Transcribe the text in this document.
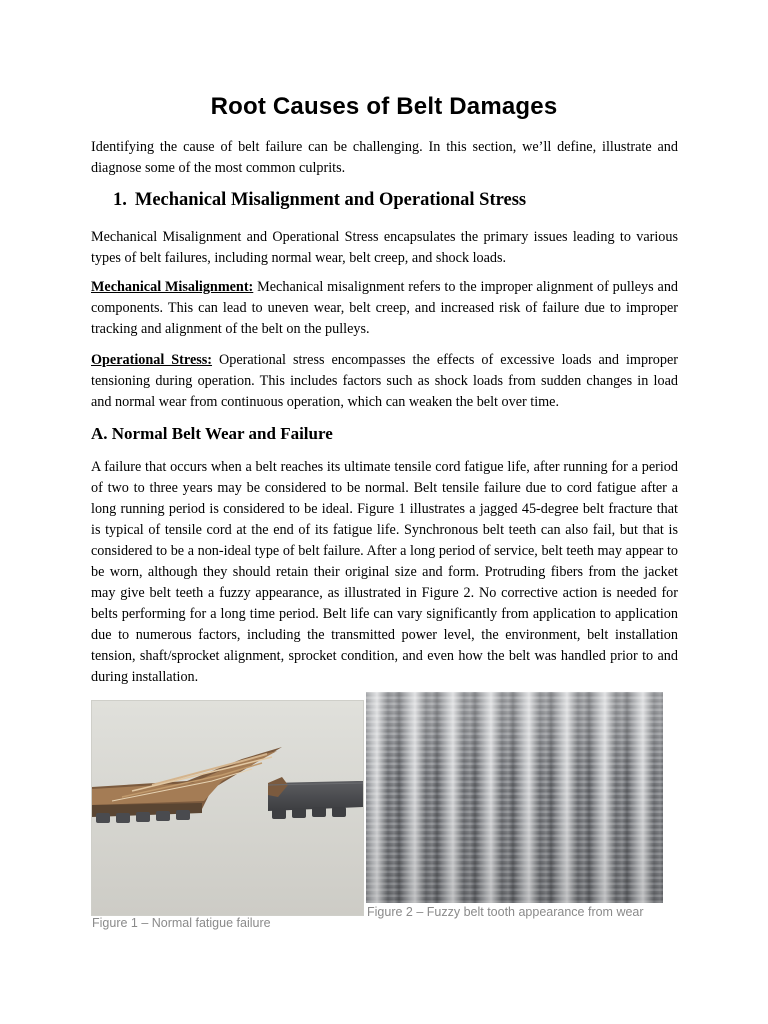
Root Causes of Belt Damages
Identifying the cause of belt failure can be challenging. In this section, we’ll define, illustrate and diagnose some of the most common culprits.
1. Mechanical Misalignment and Operational Stress
Mechanical Misalignment and Operational Stress encapsulates the primary issues leading to various types of belt failures, including normal wear, belt creep, and shock loads.
Mechanical Misalignment: Mechanical misalignment refers to the improper alignment of pulleys and components. This can lead to uneven wear, belt creep, and increased risk of failure due to improper tracking and alignment of the belt on the pulleys.
Operational Stress: Operational stress encompasses the effects of excessive loads and improper tensioning during operation. This includes factors such as shock loads from sudden changes in load and normal wear from continuous operation, which can weaken the belt over time.
A. Normal Belt Wear and Failure
A failure that occurs when a belt reaches its ultimate tensile cord fatigue life, after running for a period of two to three years may be considered to be normal. Belt tensile failure due to cord fatigue after a long running period is considered to be ideal. Figure 1 illustrates a jagged 45-degree belt fracture that is typical of tensile cord at the end of its fatigue life. Synchronous belt teeth can also fail, but that is considered to be a non-ideal type of belt failure. After a long period of service, belt teeth may appear to be worn, although they should retain their original size and form. Protruding fibers from the jacket may give belt teeth a fuzzy appearance, as illustrated in Figure 2. No corrective action is needed for belts performing for a long time period. Belt life can vary significantly from application to application due to numerous factors, including the transmitted power level, the environment, belt installation tension, shaft/sprocket alignment, sprocket condition, and even how the belt was handled prior to and during installation.
Figure 1 – Normal fatigue failure
Figure 2 – Fuzzy belt tooth appearance from wear
